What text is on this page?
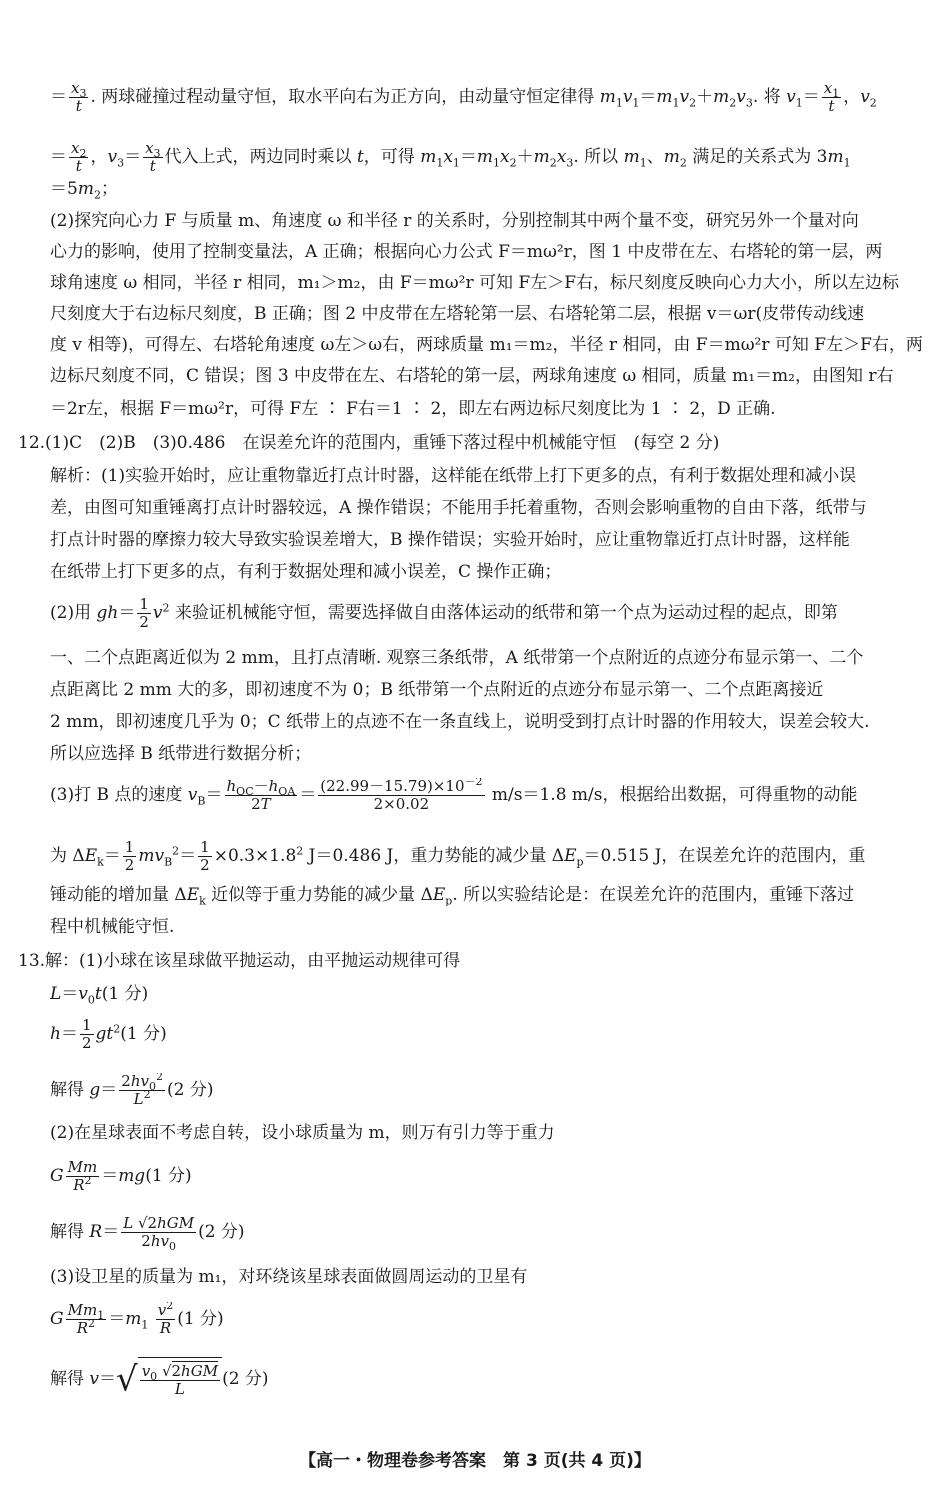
＝ $\frac{x_3}{t}$ . 两球碰撞过程动量守恒，取水平向右为正方向，由动量守恒定律得 $m_1v_1=m_1v_2+m_2v_3$. 将 $v_1= \frac{x_1}{t}$ ，$v_2$
＝ $\frac{x_2}{t}$ ，$v_3= \frac{x_3}{t}$ 代入上式，两边同时乘以 t，可得 $m_1x_1=m_1x_2+m_2x_3$. 所以 $m_1$、$m_2$ 满足的关系式为 $3m_1$
$=5m_2$；
(2)探究向心力 F 与质量 m、角速度 ω 和半径 r 的关系时，分别控制其中两个量不变，研究另外一个量对向
心力的影响，使用了控制变量法，A 正确；根据向心力公式 F＝mω²r，图 1 中皮带在左、右塔轮的第一层，两
球角速度 ω 相同，半径 r 相同，m₁＞m₂，由 F＝mω²r 可知 F左＞F右，标尺刻度反映向心力大小，所以左边标
尺刻度大于右边标尺刻度，B 正确；图 2 中皮带在左塔轮第一层、右塔轮第二层，根据 v＝ωr(皮带传动线速
度 v 相等)，可得左、右塔轮角速度 ω左＞ω右，两球质量 m₁＝m₂，半径 r 相同，由 F＝mω²r 可知 F左＞F右，两
边标尺刻度不同，C 错误；图 3 中皮带在左、右塔轮的第一层，两球角速度 ω 相同，质量 m₁＝m₂，由图知 r右
＝2r左，根据 F＝mω²r，可得 F左 ∶ F右＝1 ∶ 2，即左右两边标尺刻度比为 1 ∶ 2，D 正确.
12.(1)C　(2)B　(3)0.486　在误差允许的范围内，重锤下落过程中机械能守恒　(每空 2 分)
解析：(1)实验开始时，应让重物靠近打点计时器，这样能在纸带上打下更多的点，有利于数据处理和减小误
差，由图可知重锤离打点计时器较远，A 操作错误；不能用手托着重物，否则会影响重物的自由下落，纸带与
打点计时器的摩擦力较大导致实验误差增大，B 操作错误；实验开始时，应让重物靠近打点计时器，这样能
在纸带上打下更多的点，有利于数据处理和减小误差，C 操作正确；
(2)用 $gh= \frac{1}{2} v^2$ 来验证机械能守恒，需要选择做自由落体运动的纸带和第一个点为运动过程的起点，即第
一、二个点距离近似为 2 mm，且打点清晰. 观察三条纸带，A 纸带第一个点附近的点迹分布显示第一、二个
点距离比 2 mm 大的多，即初速度不为 0；B 纸带第一个点附近的点迹分布显示第一、二个点距离接近
2 mm，即初速度几乎为 0；C 纸带上的点迹不在一条直线上，说明受到打点计时器的作用较大，误差会较大.
所以应选择 B 纸带进行数据分析；
(3)打 B 点的速度 $v_B= h_{OC}-h_{OA}$
2T	＝ $\frac{(22.99-15.79)\times 10^{-2}}{2\times 0.02} m/s=1.8$ m/s，根据给出数据，可得重物的动能
为 $\Delta E_k= \frac{1}{2} mv_B^2= \frac{1}{2} \times 0.3\times 1.8^2$ J＝0.486 J，重力势能的减少量 $\Delta E_p=0.515$ J，在误差允许的范围内，重
锤动能的增加量 $\Delta E_k$ 近似等于重力势能的减少量 $\Delta E_p$. 所以实验结论是：在误差允许的范围内，重锤下落过
程中机械能守恒.
13.解：(1)小球在该星球做平抛运动，由平抛运动规律可得
$L=v_0t(1$ 分)
$h= \frac{1}{2} gt^2(1$ 分)
解得 $g= \frac{2hv_0^2}{L^2} (2$ 分)
(2)在星球表面不考虑自转，设小球质量为 m，则万有引力等于重力
G $\frac{Mm}{R^2} =mg(1$ 分)
解得 R＝ L √2hGM
$2hv_0$
(2 分)
(3)设卫星的质量为 m₁，对环绕该星球表面做圆周运动的卫星有
G $\frac{Mm_1}{R^2} =m_1 \frac{v^2}{R} (1$ 分)
解得 v＝√ $v_0$ √2hGM
L	(2 分)
【高一・物理卷参考答案　第 3 页(共 4 页)】
